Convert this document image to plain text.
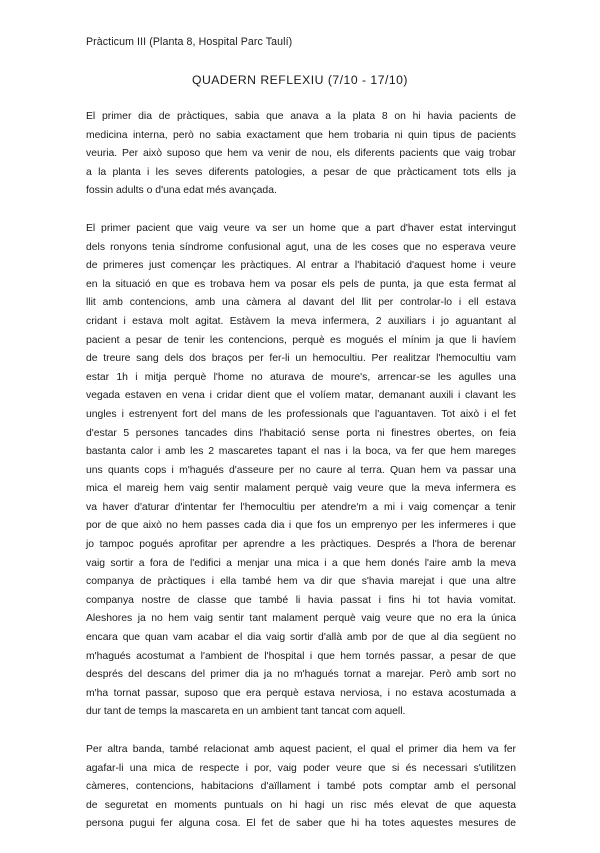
Pràcticum III (Planta 8, Hospital Parc Taulí)
QUADERN REFLEXIU (7/10 - 17/10)
El primer dia de pràctiques, sabia que anava a la plata 8 on hi havia pacients de
medicina interna, però no sabia exactament que hem trobaria ni quin tipus de pacients
veuria. Per això suposo que hem va venir de nou, els diferents pacients que vaig trobar
a la planta i les seves diferents patologies, a pesar de que pràcticament tots ells ja
fossin adults o d'una edat més avançada.
El primer pacient que vaig veure va ser un home que a part d'haver estat intervingut
dels ronyons tenia síndrome confusional agut, una de les coses que no esperava veure
de primeres just començar les pràctiques. Al entrar a l'habitació d'aquest home i veure
en la situació en que es trobava hem va posar els pels de punta, ja que esta fermat al
llit amb contencions, amb una càmera al davant del llit per controlar-lo i ell estava
cridant i estava molt agitat. Estàvem la meva infermera, 2 auxiliars i jo aguantant al
pacient a pesar de tenir les contencions, perquè es mogués el mínim ja que li havíem
de treure sang dels dos braços per fer-li un hemocultiu. Per realitzar l'hemocultiu vam
estar 1h i mitja perquè l'home no aturava de moure's, arrencar-se les agulles una
vegada estaven en vena i cridar dient que el volíem matar, demanant auxili i clavant les
ungles i estrenyent fort del mans de les professionals que l'aguantaven. Tot això i el fet
d'estar 5 persones tancades dins l'habitació sense porta ni finestres obertes, on feia
bastanta calor i amb les 2 mascaretes tapant el nas i la boca, va fer que hem mareges
uns quants cops i m'hagués d'asseure per no caure al terra. Quan hem va passar una
mica el mareig hem vaig sentir malament perquè vaig veure que la meva infermera es
va haver d'aturar d'intentar fer l'hemocultiu per atendre'm a mi i vaig començar a tenir
por de que això no hem passes cada dia i que fos un emprenyo per les infermeres i que
jo tampoc pogués aprofitar per aprendre a les pràctiques. Després a l'hora de berenar
vaig sortir a fora de l'edifici a menjar una mica i a que hem donés l'aire amb la meva
companya de pràctiques i ella també hem va dir que s'havia marejat i que una altre
companya nostre de classe que també li havia passat i fins hi tot havia vomitat.
Aleshores ja no hem vaig sentir tant malament perquè vaig veure que no era la única
encara que quan vam acabar el dia vaig sortir d'allà amb por de que al dia següent no
m'hagués acostumat a l'ambient de l'hospital i que hem tornés passar, a pesar de que
després del descans del primer dia ja no m'hagués tornat a marejar. Però amb sort no
m'ha tornat passar, suposo que era perquè estava nerviosa, i no estava acostumada a
dur tant de temps la mascareta en un ambient tant tancat com aquell.
Per altra banda, també relacionat amb aquest pacient, el qual el primer dia hem va fer
agafar-li una mica de respecte i por, vaig poder veure que si és necessari s'utilitzen
càmeres, contencions, habitacions d'aïllament i també pots comptar amb el personal
de seguretat en moments puntuals on hi hagi un risc més elevat de que aquesta
persona pugui fer alguna cosa. El fet de saber que hi ha totes aquestes mesures de
